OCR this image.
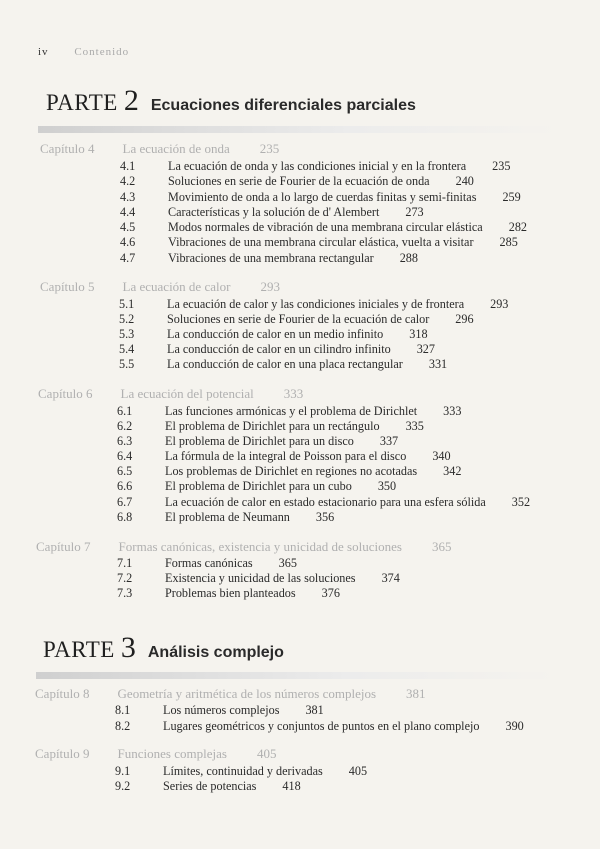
iv Contenido
PARTE 2 Ecuaciones diferenciales parciales
Capítulo 4 La ecuación de onda 235
4.1	La ecuación de onda y las condiciones inicial y en la frontera 235
4.2	Soluciones en serie de Fourier de la ecuación de onda 240
4.3	Movimiento de onda a lo largo de cuerdas finitas y semi-finitas 259
4.4	Características y la solución de d' Alembert 273
4.5	Modos normales de vibración de una membrana circular elástica 282
4.6	Vibraciones de una membrana circular elástica, vuelta a visitar 285
4.7	Vibraciones de una membrana rectangular 288
Capítulo 5 La ecuación de calor 293
5.1	La ecuación de calor y las condiciones iniciales y de frontera 293
5.2	Soluciones en serie de Fourier de la ecuación de calor 296
5.3	La conducción de calor en un medio infinito 318
5.4	La conducción de calor en un cilindro infinito 327
5.5	La conducción de calor en una placa rectangular 331
Capítulo 6 La ecuación del potencial 333
6.1	Las funciones armónicas y el problema de Dirichlet 333
6.2	El problema de Dirichlet para un rectángulo 335
6.3	El problema de Dirichlet para un disco 337
6.4	La fórmula de la integral de Poisson para el disco 340
6.5	Los problemas de Dirichlet en regiones no acotadas 342
6.6	El problema de Dirichlet para un cubo 350
6.7	La ecuación de calor en estado estacionario para una esfera sólida 352
6.8	El problema de Neumann 356
Capítulo 7 Formas canónicas, existencia y unicidad de soluciones 365
7.1	Formas canónicas 365
7.2	Existencia y unicidad de las soluciones 374
7.3	Problemas bien planteados 376
PARTE 3 Análisis complejo
Capítulo 8 Geometría y aritmética de los números complejos 381
8.1	Los números complejos 381
8.2	Lugares geométricos y conjuntos de puntos en el plano complejo 390
Capítulo 9 Funciones complejas 405
9.1	Límites, continuidad y derivadas 405
9.2	Series de potencias 418
